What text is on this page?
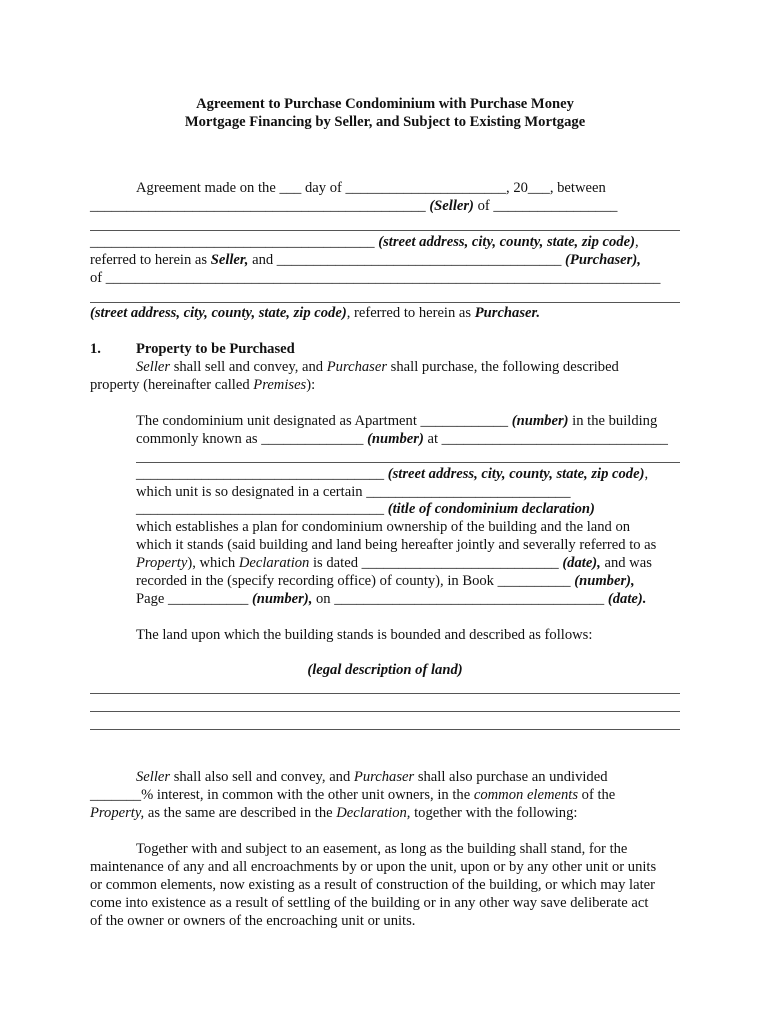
Agreement to Purchase Condominium with Purchase Money
Mortgage Financing by Seller, and Subject to Existing Mortgage
Agreement made on the ___ day of ______________________, 20___, between
______________________________________________ (Seller) of _________________
_______________________________________ (street address, city, county, state, zip code),
referred to herein as Seller, and _______________________________________ (Purchaser),
of ____________________________________________________________________________
(street address, city, county, state, zip code), referred to herein as Purchaser.
1. Property to be Purchased
Seller shall sell and convey, and Purchaser shall purchase, the following described
property (hereinafter called Premises):
The condominium unit designated as Apartment ____________ (number) in the building
commonly known as ______________ (number) at _______________________________
__________________________________ (street address, city, county, state, zip code),
which unit is so designated in a certain ____________________________
__________________________________ (title of condominium declaration)
which establishes a plan for condominium ownership of the building and the land on
which it stands (said building and land being hereafter jointly and severally referred to as
Property), which Declaration is dated ___________________________ (date), and was
recorded in the (specify recording office) of county), in Book __________ (number),
Page ___________ (number), on _____________________________________ (date).
The land upon which the building stands is bounded and described as follows:
(legal description of land)
Seller shall also sell and convey, and Purchaser shall also purchase an undivided
_______% interest, in common with the other unit owners, in the common elements of the
Property, as the same are described in the Declaration, together with the following:
Together with and subject to an easement, as long as the building shall stand, for the
maintenance of any and all encroachments by or upon the unit, upon or by any other unit or units
or common elements, now existing as a result of construction of the building, or which may later
come into existence as a result of settling of the building or in any other way save deliberate act
of the owner or owners of the encroaching unit or units.
